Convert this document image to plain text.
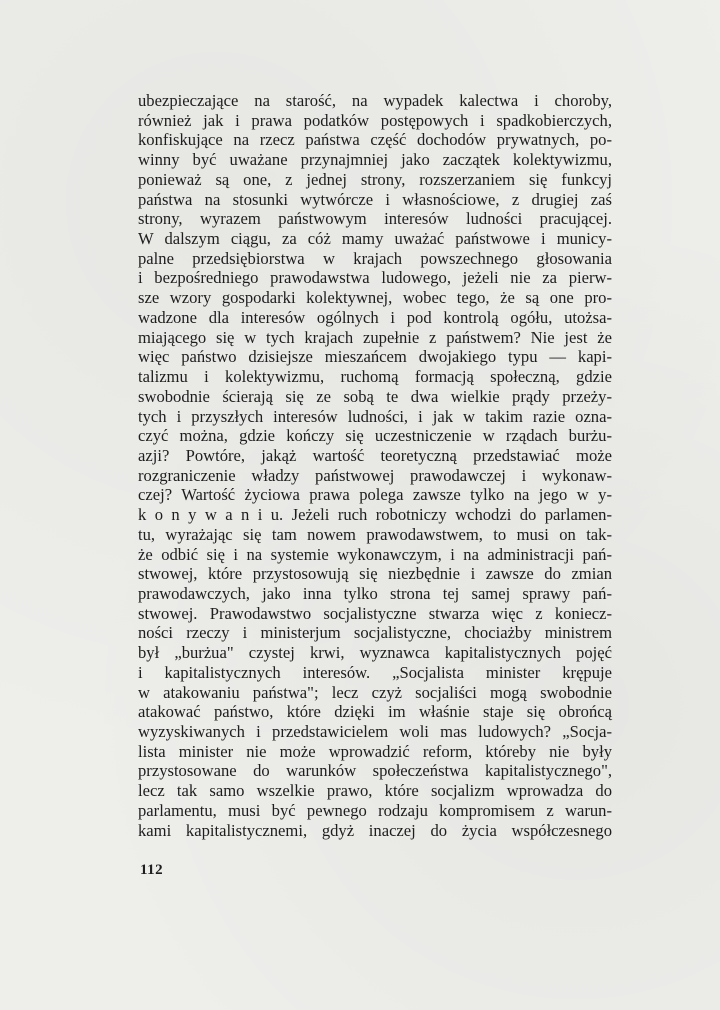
ubezpieczające na starość, na wypadek kalectwa i choroby,
również jak i prawa podatków postępowych i spadkobierczych,
konfiskujące na rzecz państwa część dochodów prywatnych, po-
winny być uważane przynajmniej jako zaczątek kolektywizmu,
ponieważ są one, z jednej strony, rozszerzaniem się funkcyj
państwa na stosunki wytwórcze i własnościowe, z drugiej zaś
strony, wyrazem państwowym interesów ludności pracującej.
W dalszym ciągu, za cóż mamy uważać państwowe i municy-
palne przedsiębiorstwa w krajach powszechnego głosowania
i bezpośredniego prawodawstwa ludowego, jeżeli nie za pierw-
sze wzory gospodarki kolektywnej, wobec tego, że są one pro-
wadzone dla interesów ogólnych i pod kontrolą ogółu, utożsa-
miającego się w tych krajach zupełnie z państwem? Nie jest że
więc państwo dzisiejsze mieszańcem dwojakiego typu — kapi-
talizmu i kolektywizmu, ruchomą formacją społeczną, gdzie
swobodnie ścierają się ze sobą te dwa wielkie prądy przeży-
tych i przyszłych interesów ludności, i jak w takim razie ozna-
czyć można, gdzie kończy się uczestniczenie w rządach burżu-
azji? Powtóre, jakąż wartość teoretyczną przedstawiać może
rozgraniczenie władzy państwowej prawodawczej i wykonaw-
czej? Wartość życiowa prawa polega zawsze tylko na jego w y-
k o n y w a n i u. Jeżeli ruch robotniczy wchodzi do parlamen-
tu, wyrażając się tam nowem prawodawstwem, to musi on tak-
że odbić się i na systemie wykonawczym, i na administracji pań-
stwowej, które przystosowują się niezbędnie i zawsze do zmian
prawodawczych, jako inna tylko strona tej samej sprawy pań-
stwowej. Prawodawstwo socjalistyczne stwarza więc z koniecz-
ności rzeczy i ministerjum socjalistyczne, chociażby ministrem
był „burżua" czystej krwi, wyznawca kapitalistycznych pojęć
i kapitalistycznych interesów. „Socjalista minister krępuje
w atakowaniu państwa"; lecz czyż socjaliści mogą swobodnie
atakować państwo, które dzięki im właśnie staje się obrońcą
wyzyskiwanych i przedstawicielem woli mas ludowych? „Socja-
lista minister nie może wprowadzić reform, któreby nie były
przystosowane do warunków społeczeństwa kapitalistycznego",
lecz tak samo wszelkie prawo, które socjalizm wprowadza do
parlamentu, musi być pewnego rodzaju kompromisem z warun-
kami kapitalistycznemi, gdyż inaczej do życia współczesnego
112
